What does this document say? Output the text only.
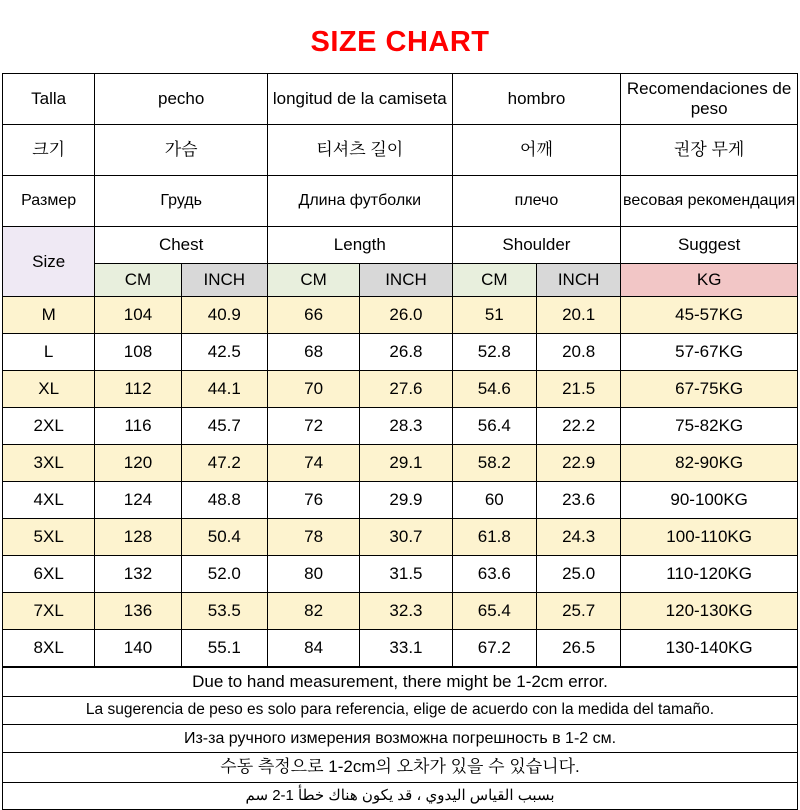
SIZE CHART
Talla	pecho		longitud de la camiseta		hombro		Recomendaciones de peso
크기	가슴		티셔츠 길이		어깨		권장 무게
Размер	Грудь		Длина футболки		плечо		весовая рекомендация
Size	Chest		Length		Shoulder		Suggest
	CM	INCH	CM	INCH	CM	INCH	KG
M	104	40.9	66	26.0	51	20.1	45-57KG
L	108	42.5	68	26.8	52.8	20.8	57-67KG
XL	112	44.1	70	27.6	54.6	21.5	67-75KG
2XL	116	45.7	72	28.3	56.4	22.2	75-82KG
3XL	120	47.2	74	29.1	58.2	22.9	82-90KG
4XL	124	48.8	76	29.9	60	23.6	90-100KG
5XL	128	50.4	78	30.7	61.8	24.3	100-110KG
6XL	132	52.0	80	31.5	63.6	25.0	110-120KG
7XL	136	53.5	82	32.3	65.4	25.7	120-130KG
8XL	140	55.1	84	33.1	67.2	26.5	130-140KG
Due to hand measurement, there might be 1-2cm error.
La sugerencia de peso es solo para referencia, elige de acuerdo con la medida del tamaño.
Из-за ручного измерения возможна погрешность в 1-2 см.
수동 측정으로 1-2cm의 오차가 있을 수 있습니다.
بسبب القياس اليدوي ، قد يكون هناك خطأ 1-2 سم
